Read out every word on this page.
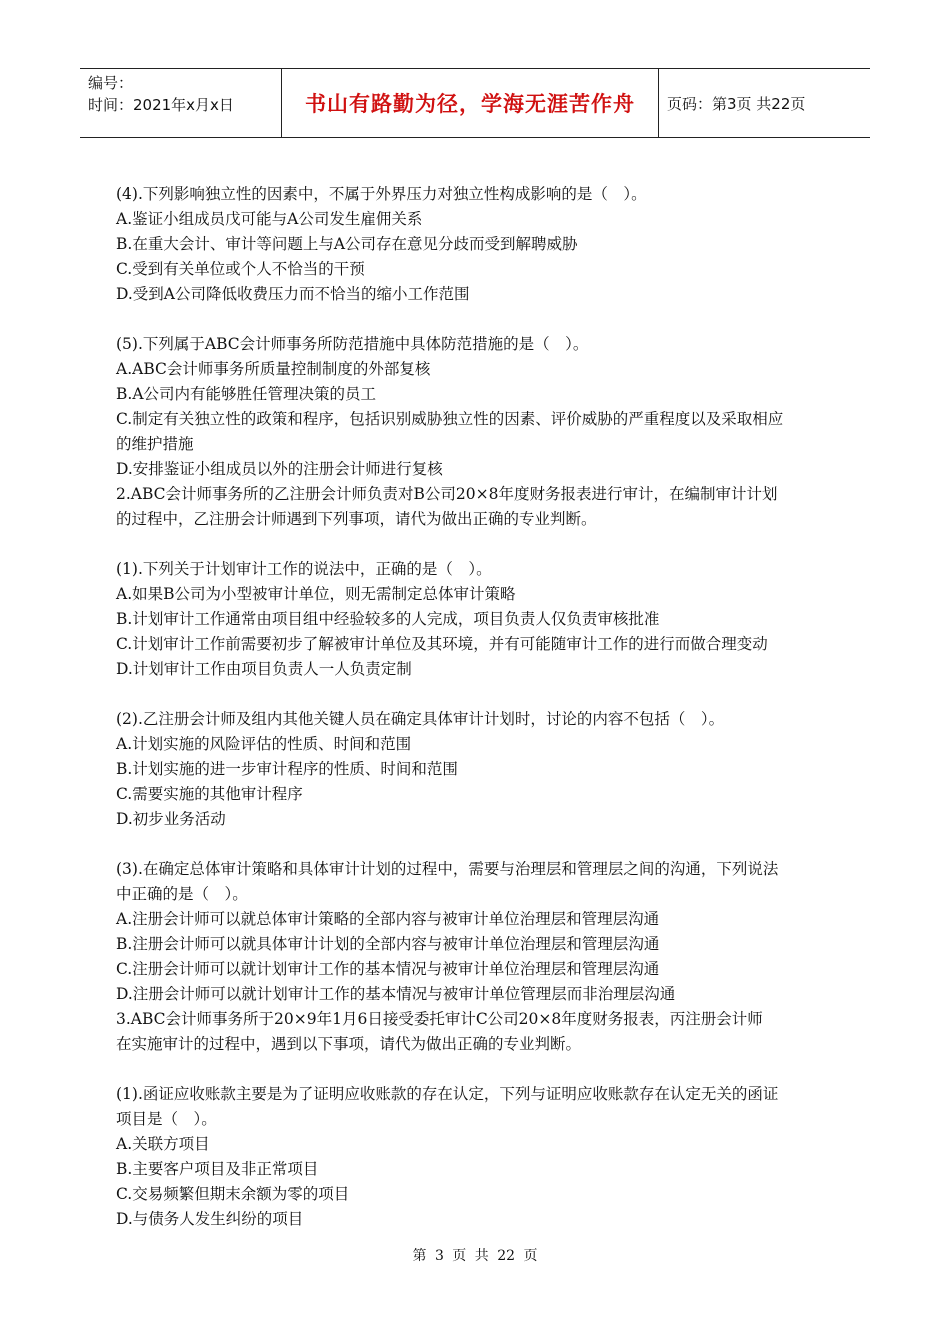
编号：
时间：2021年x月x日	书山有路勤为径，学海无涯苦作舟	页码：第3页 共22页
(4).下列影响独立性的因素中，不属于外界压力对独立性构成影响的是（　）。
A.鉴证小组成员戊可能与A公司发生雇佣关系
B.在重大会计、审计等问题上与A公司存在意见分歧而受到解聘威胁
C.受到有关单位或个人不恰当的干预
D.受到A公司降低收费压力而不恰当的缩小工作范围
(5).下列属于ABC会计师事务所防范措施中具体防范措施的是（　）。
A.ABC会计师事务所质量控制制度的外部复核
B.A公司内有能够胜任管理决策的员工
C.制定有关独立性的政策和程序，包括识别威胁独立性的因素、评价威胁的严重程度以及采取相应
的维护措施
D.安排鉴证小组成员以外的注册会计师进行复核
2.ABC会计师事务所的乙注册会计师负责对B公司20×8年度财务报表进行审计，在编制审计计划
的过程中，乙注册会计师遇到下列事项，请代为做出正确的专业判断。
(1).下列关于计划审计工作的说法中，正确的是（　）。
A.如果B公司为小型被审计单位，则无需制定总体审计策略
B.计划审计工作通常由项目组中经验较多的人完成，项目负责人仅负责审核批准
C.计划审计工作前需要初步了解被审计单位及其环境，并有可能随审计工作的进行而做合理变动
D.计划审计工作由项目负责人一人负责定制
(2).乙注册会计师及组内其他关键人员在确定具体审计计划时，讨论的内容不包括（　）。
A.计划实施的风险评估的性质、时间和范围
B.计划实施的进一步审计程序的性质、时间和范围
C.需要实施的其他审计程序
D.初步业务活动
(3).在确定总体审计策略和具体审计计划的过程中，需要与治理层和管理层之间的沟通，下列说法
中正确的是（　）。
A.注册会计师可以就总体审计策略的全部内容与被审计单位治理层和管理层沟通
B.注册会计师可以就具体审计计划的全部内容与被审计单位治理层和管理层沟通
C.注册会计师可以就计划审计工作的基本情况与被审计单位治理层和管理层沟通
D.注册会计师可以就计划审计工作的基本情况与被审计单位管理层而非治理层沟通
3.ABC会计师事务所于20×9年1月6日接受委托审计C公司20×8年度财务报表，丙注册会计师
在实施审计的过程中，遇到以下事项，请代为做出正确的专业判断。
(1).函证应收账款主要是为了证明应收账款的存在认定，下列与证明应收账款存在认定无关的函证
项目是（　）。
A.关联方项目
B.主要客户项目及非正常项目
C.交易频繁但期末余额为零的项目
D.与债务人发生纠纷的项目
第 3 页 共 22 页
